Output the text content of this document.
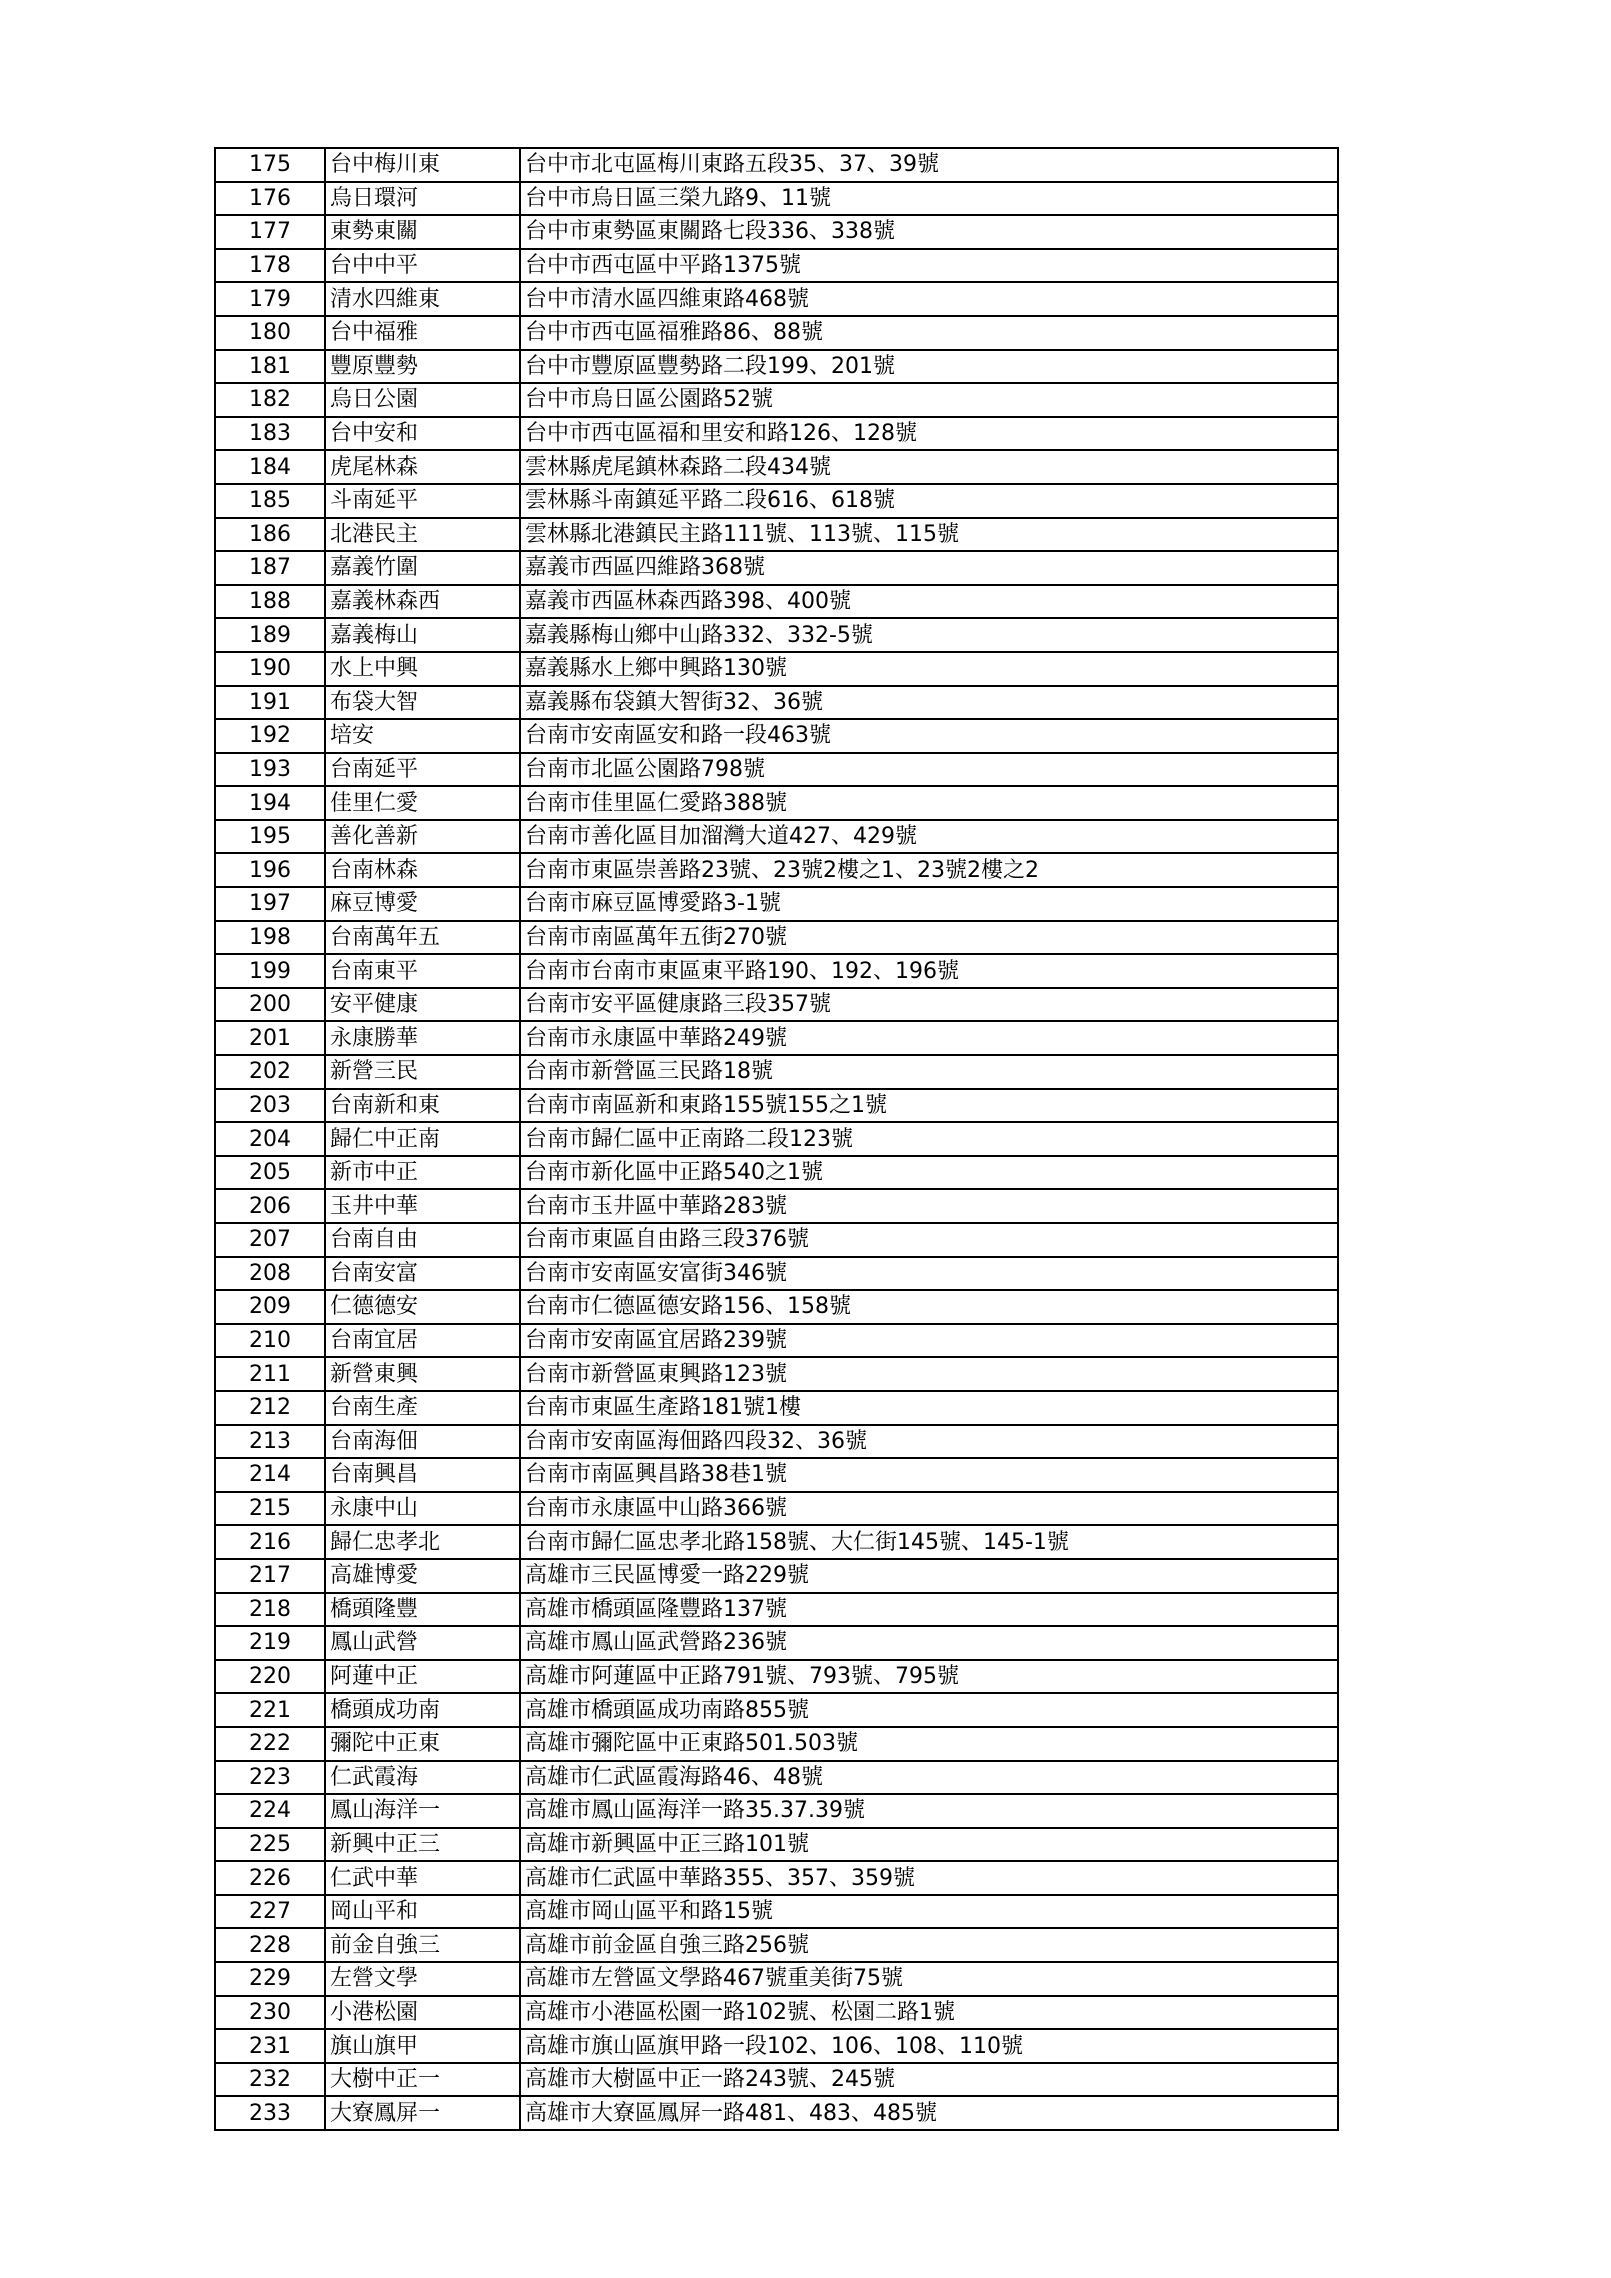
175	台中梅川東	台中市北屯區梅川東路五段35、37、39號
176	烏日環河	台中市烏日區三榮九路9、11號
177	東勢東關	台中市東勢區東關路七段336、338號
178	台中中平	台中市西屯區中平路1375號
179	清水四維東	台中市清水區四維東路468號
180	台中福雅	台中市西屯區福雅路86、88號
181	豐原豐勢	台中市豐原區豐勢路二段199、201號
182	烏日公園	台中市烏日區公園路52號
183	台中安和	台中市西屯區福和里安和路126、128號
184	虎尾林森	雲林縣虎尾鎮林森路二段434號
185	斗南延平	雲林縣斗南鎮延平路二段616、618號
186	北港民主	雲林縣北港鎮民主路111號、113號、115號
187	嘉義竹圍	嘉義市西區四維路368號
188	嘉義林森西	嘉義市西區林森西路398、400號
189	嘉義梅山	嘉義縣梅山鄉中山路332、332-5號
190	水上中興	嘉義縣水上鄉中興路130號
191	布袋大智	嘉義縣布袋鎮大智街32、36號
192	培安	台南市安南區安和路一段463號
193	台南延平	台南市北區公園路798號
194	佳里仁愛	台南市佳里區仁愛路388號
195	善化善新	台南市善化區目加溜灣大道427、429號
196	台南林森	台南市東區崇善路23號、23號2樓之1、23號2樓之2
197	麻豆博愛	台南市麻豆區博愛路3-1號
198	台南萬年五	台南市南區萬年五街270號
199	台南東平	台南市台南市東區東平路190、192、196號
200	安平健康	台南市安平區健康路三段357號
201	永康勝華	台南市永康區中華路249號
202	新營三民	台南市新營區三民路18號
203	台南新和東	台南市南區新和東路155號155之1號
204	歸仁中正南	台南市歸仁區中正南路二段123號
205	新市中正	台南市新化區中正路540之1號
206	玉井中華	台南市玉井區中華路283號
207	台南自由	台南市東區自由路三段376號
208	台南安富	台南市安南區安富街346號
209	仁德德安	台南市仁德區德安路156、158號
210	台南宜居	台南市安南區宜居路239號
211	新營東興	台南市新營區東興路123號
212	台南生產	台南市東區生產路181號1樓
213	台南海佃	台南市安南區海佃路四段32、36號
214	台南興昌	台南市南區興昌路38巷1號
215	永康中山	台南市永康區中山路366號
216	歸仁忠孝北	台南市歸仁區忠孝北路158號、大仁街145號、145-1號
217	高雄博愛	高雄市三民區博愛一路229號
218	橋頭隆豐	高雄市橋頭區隆豐路137號
219	鳳山武營	高雄市鳳山區武營路236號
220	阿蓮中正	高雄市阿蓮區中正路791號、793號、795號
221	橋頭成功南	高雄市橋頭區成功南路855號
222	彌陀中正東	高雄市彌陀區中正東路501.503號
223	仁武霞海	高雄市仁武區霞海路46、48號
224	鳳山海洋一	高雄市鳳山區海洋一路35.37.39號
225	新興中正三	高雄市新興區中正三路101號
226	仁武中華	高雄市仁武區中華路355、357、359號
227	岡山平和	高雄市岡山區平和路15號
228	前金自強三	高雄市前金區自強三路256號
229	左營文學	高雄市左營區文學路467號重美街75號
230	小港松園	高雄市小港區松園一路102號、松園二路1號
231	旗山旗甲	高雄市旗山區旗甲路一段102、106、108、110號
232	大樹中正一	高雄市大樹區中正一路243號、245號
233	大寮鳳屏一	高雄市大寮區鳳屏一路481、483、485號
